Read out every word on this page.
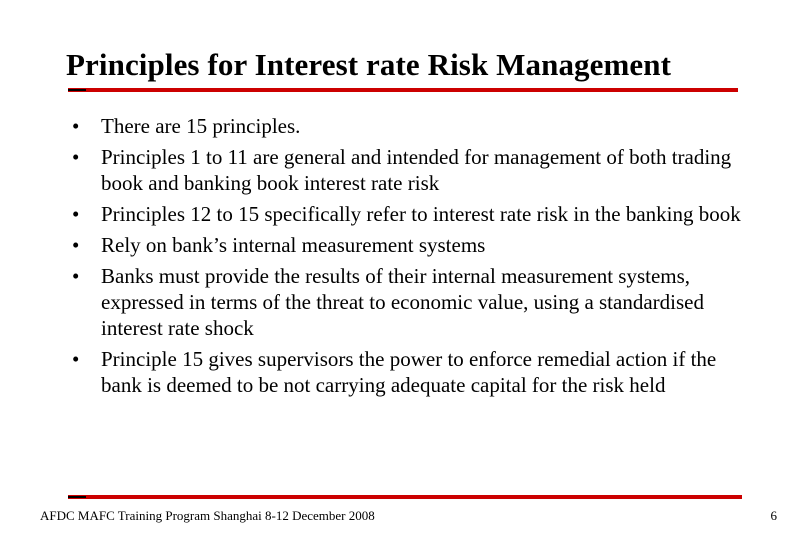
Principles for Interest rate Risk Management
• There are 15 principles.
• Principles 1 to 11 are general and intended for management of both trading book and banking book interest rate risk
• Principles 12 to 15 specifically refer to interest rate risk in the banking book
• Rely on bank’s internal measurement systems
• Banks must provide the results of their internal measurement systems, expressed in terms of the threat to economic value, using a standardised interest rate shock
• Principle 15 gives supervisors the power to enforce remedial action if the bank is deemed to be not carrying adequate capital for the risk held
AFDC MAFC Training Program Shanghai 8-12 December 2008	6
